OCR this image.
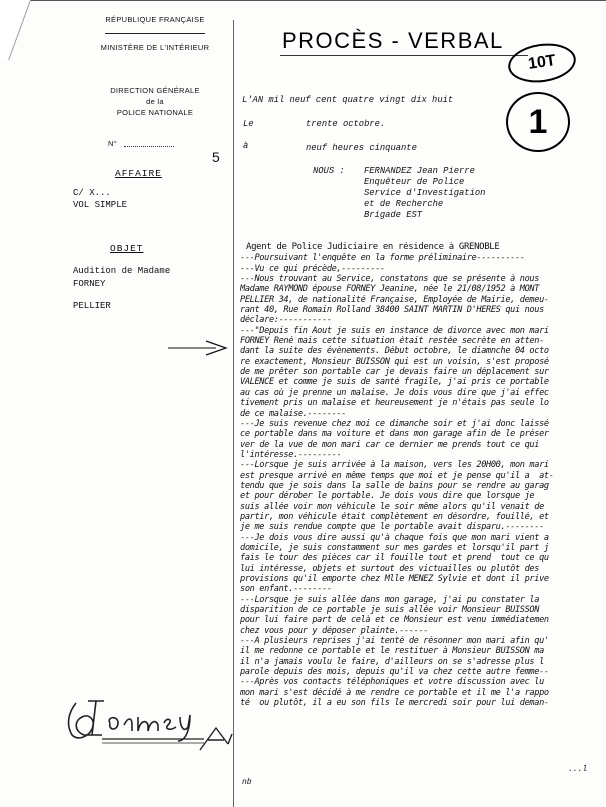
RÉPUBLIQUE FRANÇAISE
MINISTÈRE DE L'INTÉRIEUR
DIRECTION GÉNÉRALE
de la
POLICE NATIONALE
N°
5
PROCÈS - VERBAL
10T
1
AFFAIRE
C/ X...
VOL SIMPLE
OBJET
Audition de Madame
FORNEY
PELLIER
L'AN mil neuf cent quatre vingt dix huit
Le	trente octobre.
à	neuf heures cinquante
NOUS : FERNANDEZ Jean Pierre
Enquêteur de Police
Service d'Investigation
et de Recherche
Brigade EST
Agent de Police Judiciaire en résidence à GRENOBLE
---Poursuivant l'enquête en la forme préliminaire----------
---Vu ce qui précède,---------
---Nous trouvant au Service, constatons que se présente à nous
Madame RAYMOND épouse FORNEY Jeanine, née le 21/08/1952 à MONT
PELLIER 34, de nationalité Française, Employée de Mairie, demeu-
rant 40, Rue Romain Rolland 38400 SAINT MARTIN D'HERES qui nous
déclare:-----------
---"Depuis fin Aout je suis en instance de divorce avec mon mari
FORNEY René mais cette situation était restée secrète en atten-
dant la suite des évènements. Début octobre, le diamnche 04 octo
re exactement, Monsieur BUISSON qui est un voisin, s'est proposé
de me prêter son portable car je devais faire un déplacement sur
VALENCE et comme je suis de santé fragile, j'ai pris ce portable
au cas où je prenne un malaise. Je dois vous dire que j'ai effec
tivement pris un malaise et heureusement je n'étais pas seule lo
de ce malaise.--------
---Je suis revenue chez moi ce dimanche soir et j'ai donc laissé
ce portable dans ma voiture et dans mon garage afin de le préser
ver de la vue de mon mari car ce dernier me prends tout ce qui
l'intéresse.---------
---Lorsque je suis arrivée à la maison, vers les 20H00, mon mari
est presque arrivé en même temps que moi et je pense qu'il a  at-
tendu que je sois dans la salle de bains pour se rendre au garag
et pour dérober le portable. Je dois vous dire que lorsque je
suis allée voir mon véhicule le soir même alors qu'il venait de
partir, mon véhicule était complètement en désordre, fouillé, et
je me suis rendue compte que le portable avait disparu.--------
---Je dois vous dire aussi qu'à chaque fois que mon mari vient a
domicile, je suis constamment sur mes gardes et lorsqu'il part j
fais le tour des pièces car il fouille tout et prend  tout ce qu
lui intéresse, objets et surtout des victuailles ou plutôt des
provisions qu'il emporte chez Mlle MENEZ Sylvie et dont il prive
son enfant.--------
---Lorsque je suis allée dans mon garage, j'ai pu constater la
disparition de ce portable je suis allée voir Monsieur BUISSON
pour lui faire part de celà et ce Monsieur est venu immédiatemen
chez vous pour y déposer plainte.------
---A plusieurs reprises j'ai tenté de résonner mon mari afin qu'
il me redonne ce portable et le restituer à Monsieur BUISSON ma
il n'a jamais voulu le faire, d'ailleurs on se s'adresse plus l
parole depuis des mois, depuis qu'il va chez cette autre femme--
---Après vos contacts téléphoniques et votre discussion avec lu
mon mari s'est décidé à me rendre ce portable et il me l'a rappo
té  ou plutôt, il a eu son fils le mercredi soir pour lui deman-
nb
...l
